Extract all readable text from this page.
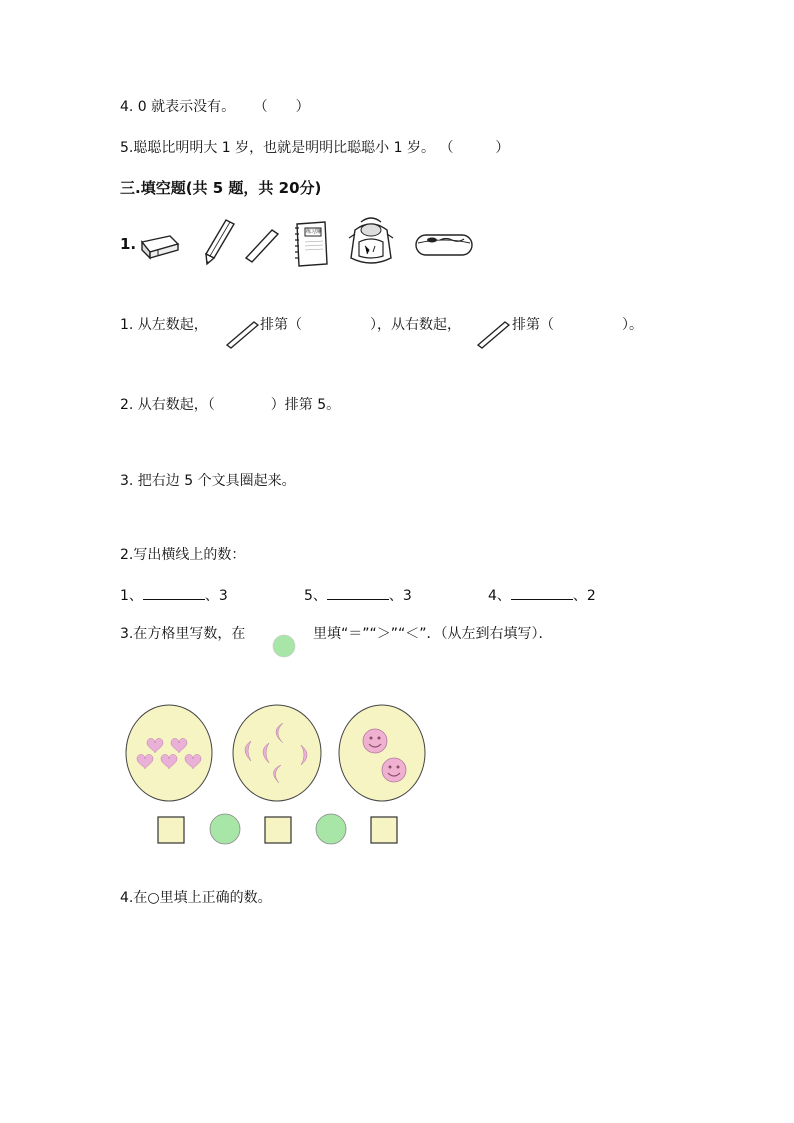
4. 0 就表示没有。 （　　）
5.聪聪比明明大 1 岁，也就是明明比聪聪小 1 岁。 （　　　）
三.填空题(共 5 题，共 20分)
1.
练习簿
1. 从左数起，	排第（	），从右数起，	排第（	）。
2. 从右数起，（　　　　）排第 5。
3. 把右边 5 个文具圈起来。
2.写出横线上的数：
1、	、3	5、	、3	4、	、2
3.在方格里写数，在	里填“＝”“＞”“＜”．（从左到右填写）．
4.在○里填上正确的数。
